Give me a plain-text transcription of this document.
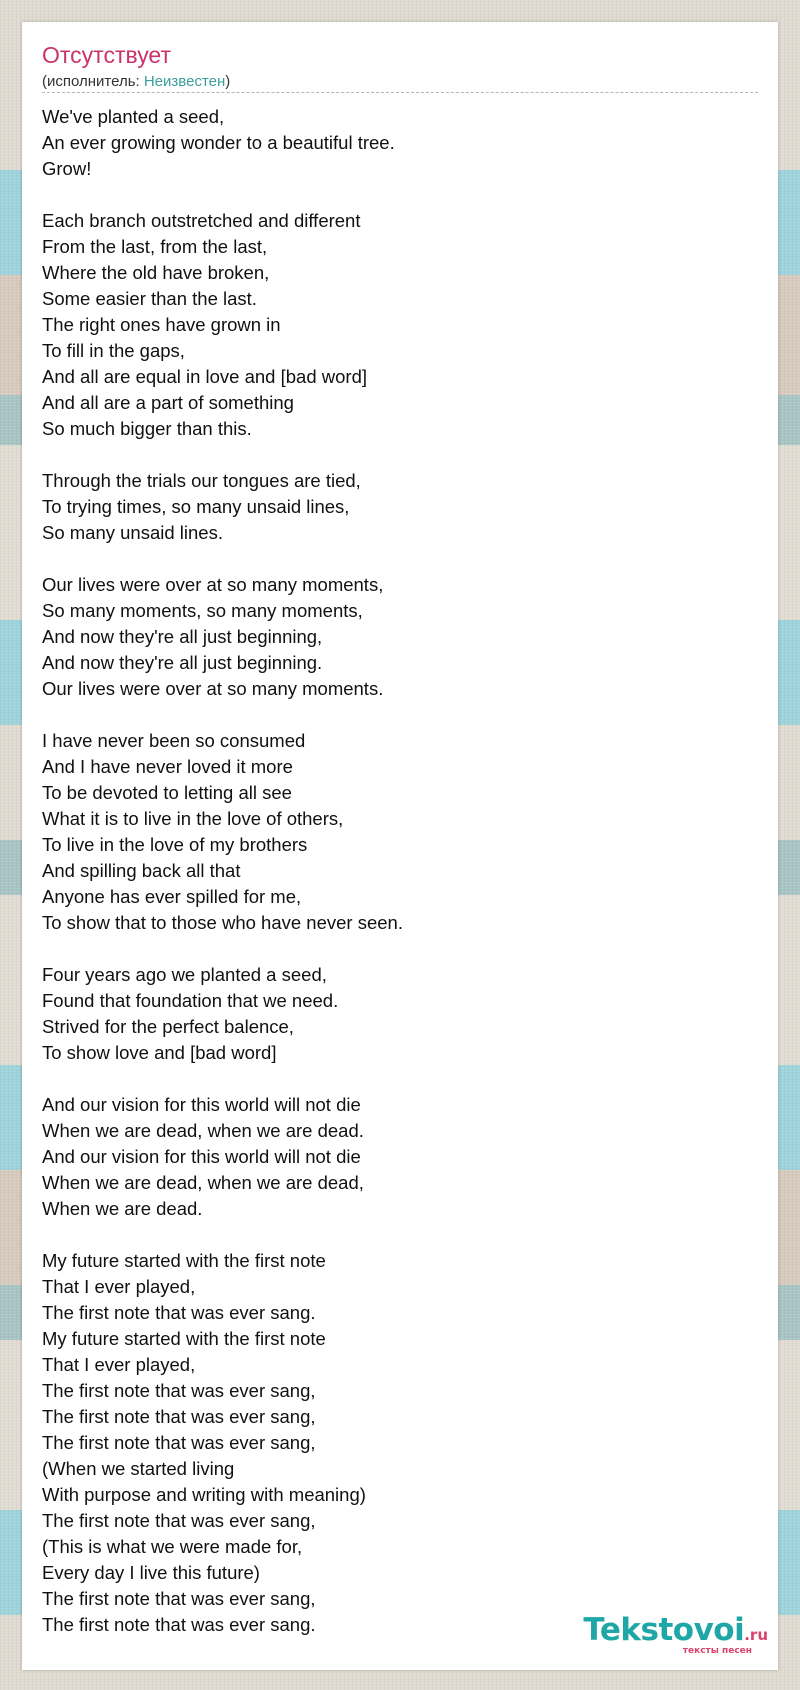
Отсутствует
(исполнитель: Неизвестен)
We've planted a seed,
An ever growing wonder to a beautiful tree.
Grow!
Each branch outstretched and different
From the last, from the last,
Where the old have broken,
Some easier than the last.
The right ones have grown in
To fill in the gaps,
And all are equal in love and [bad word]
And all are a part of something
So much bigger than this.
Through the trials our tongues are tied,
To trying times, so many unsaid lines,
So many unsaid lines.
Our lives were over at so many moments,
So many moments, so many moments,
And now they're all just beginning,
And now they're all just beginning.
Our lives were over at so many moments.
I have never been so consumed
And I have never loved it more
To be devoted to letting all see
What it is to live in the love of others,
To live in the love of my brothers
And spilling back all that
Anyone has ever spilled for me,
To show that to those who have never seen.
Four years ago we planted a seed,
Found that foundation that we need.
Strived for the perfect balence,
To show love and [bad word]
And our vision for this world will not die
When we are dead, when we are dead.
And our vision for this world will not die
When we are dead, when we are dead,
When we are dead.
My future started with the first note
That I ever played,
The first note that was ever sang.
My future started with the first note
That I ever played,
The first note that was ever sang,
The first note that was ever sang,
The first note that was ever sang,
(When we started living
With purpose and writing with meaning)
The first note that was ever sang,
(This is what we were made for,
Every day I live this future)
The first note that was ever sang,
The first note that was ever sang.	Tekstovoi.ru
тексты песен
